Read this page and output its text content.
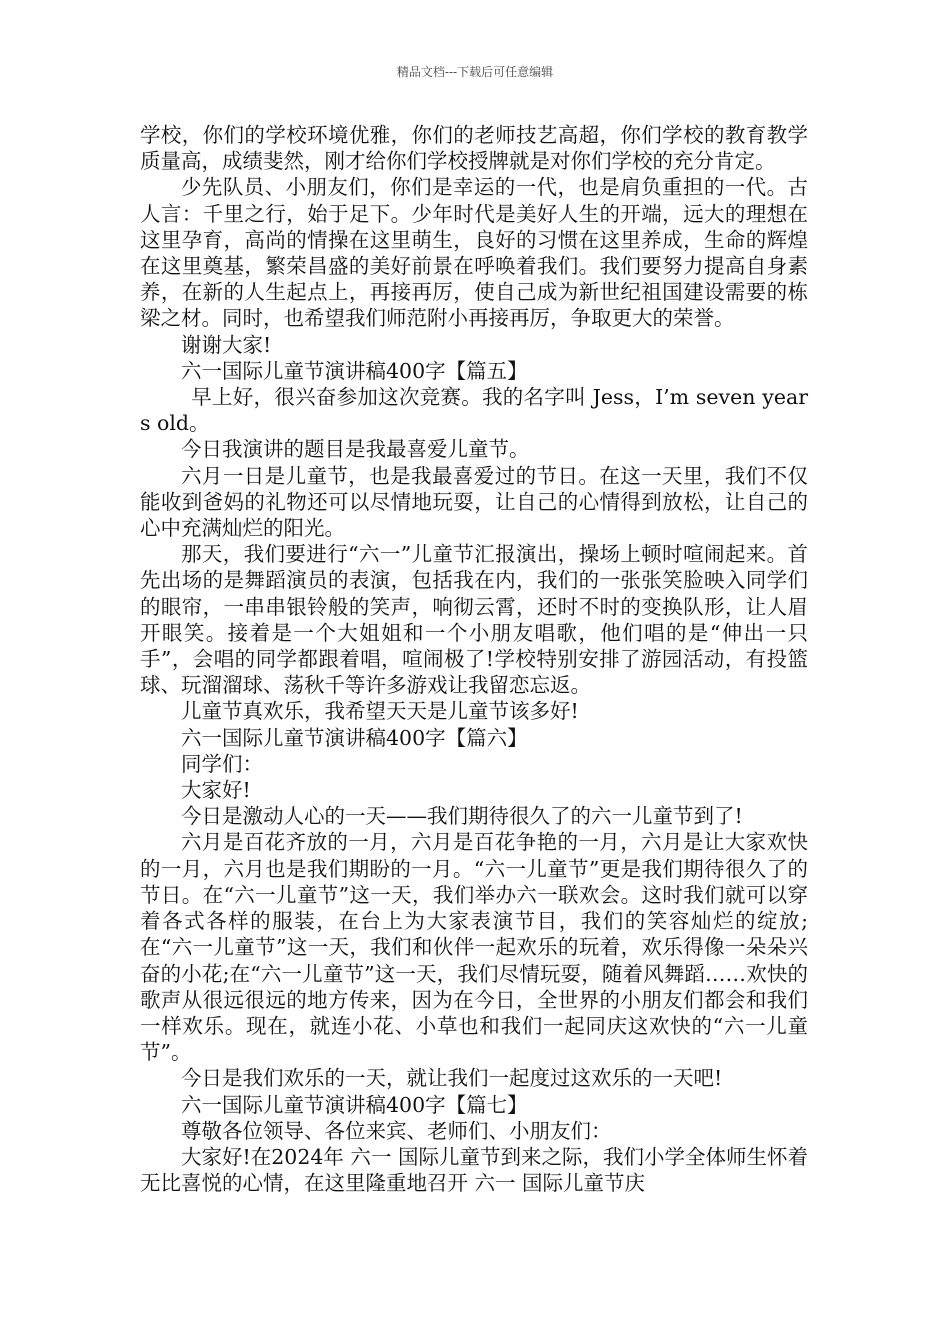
精品文档---下载后可任意编辑

学校，你们的学校环境优雅，你们的老师技艺高超，你们学校的教育教学质量高，成绩斐然，刚才给你们学校授牌就是对你们学校的充分肯定。

少先队员、小朋友们，你们是幸运的一代，也是肩负重担的一代。古人言：千里之行，始于足下。少年时代是美好人生的开端，远大的理想在这里孕育，高尚的情操在这里萌生，良好的习惯在这里养成，生命的辉煌在这里奠基，繁荣昌盛的美好前景在呼唤着我们。我们要努力提高自身素养，在新的人生起点上，再接再厉，使自己成为新世纪祖国建设需要的栋梁之材。同时，也希望我们师范附小再接再厉，争取更大的荣誉。

谢谢大家!

六一国际儿童节演讲稿400字【篇五】

早上好，很兴奋参加这次竞赛。我的名字叫 Jess，I’m seven years old。

今日我演讲的题目是我最喜爱儿童节。

六月一日是儿童节，也是我最喜爱过的节日。在这一天里，我们不仅能收到爸妈的礼物还可以尽情地玩耍，让自己的心情得到放松，让自己的心中充满灿烂的阳光。

那天，我们要进行“六一”儿童节汇报演出，操场上顿时喧闹起来。首先出场的是舞蹈演员的表演，包括我在内，我们的一张张笑脸映入同学们的眼帘，一串串银铃般的笑声，响彻云霄，还时不时的变换队形，让人眉开眼笑。接着是一个大姐姐和一个小朋友唱歌，他们唱的是“伸出一只手”，会唱的同学都跟着唱，喧闹极了!学校特别安排了游园活动，有投篮球、玩溜溜球、荡秋千等许多游戏让我留恋忘返。

儿童节真欢乐，我希望天天是儿童节该多好!

六一国际儿童节演讲稿400字【篇六】

同学们：

大家好!

今日是激动人心的一天——我们期待很久了的六一儿童节到了!

六月是百花齐放的一月，六月是百花争艳的一月，六月是让大家欢快的一月，六月也是我们期盼的一月。“六一儿童节”更是我们期待很久了的节日。在“六一儿童节”这一天，我们举办六一联欢会。这时我们就可以穿着各式各样的服装，在台上为大家表演节目，我们的笑容灿烂的绽放;在“六一儿童节”这一天，我们和伙伴一起欢乐的玩着，欢乐得像一朵朵兴奋的小花;在“六一儿童节”这一天，我们尽情玩耍，随着风舞蹈……欢快的歌声从很远很远的地方传来，因为在今日，全世界的小朋友们都会和我们一样欢乐。现在，就连小花、小草也和我们一起同庆这欢快的“六一儿童节”。

今日是我们欢乐的一天，就让我们一起度过这欢乐的一天吧!

六一国际儿童节演讲稿400字【篇七】

尊敬各位领导、各位来宾、老师们、小朋友们：

大家好!在2024年 六一 国际儿童节到来之际，我们小学全体师生怀着无比喜悦的心情，在这里隆重地召开 六一 国际儿童节庆
